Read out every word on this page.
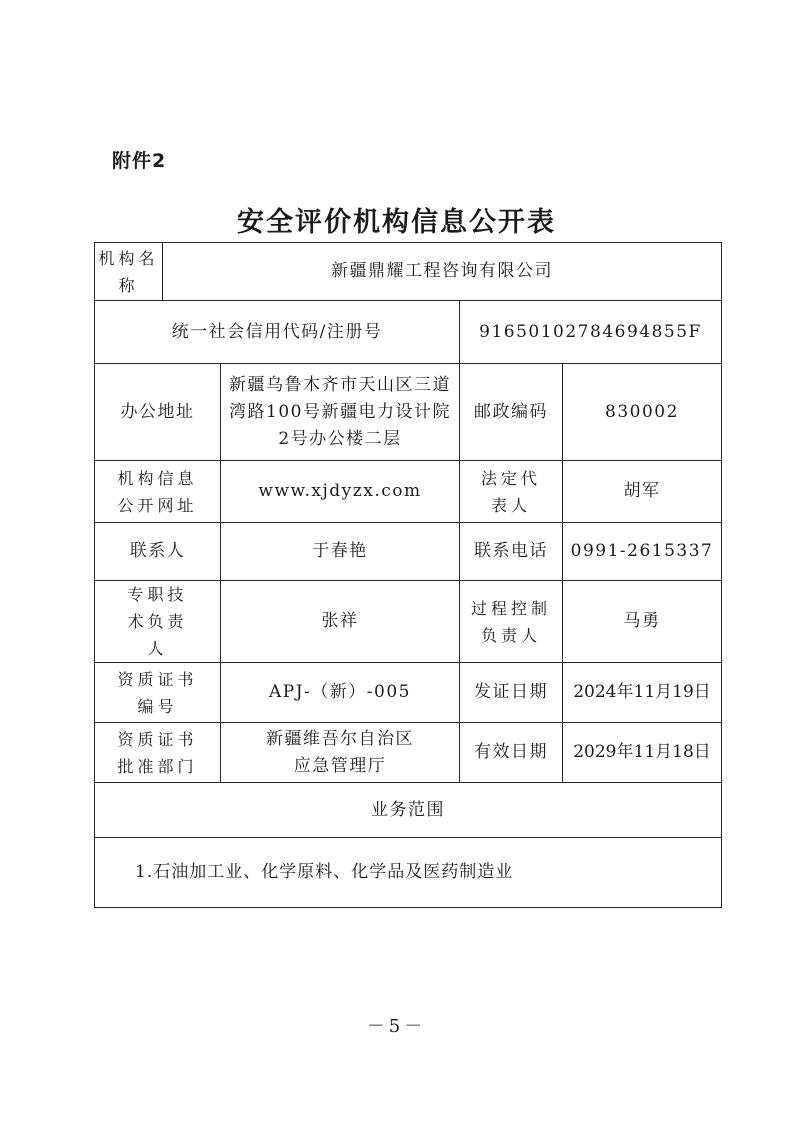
附件2
安全评价机构信息公开表
机构名称	新疆鼎耀工程咨询有限公司			
统一社会信用代码/注册号			91650102784694855F	
办公地址		新疆乌鲁木齐市天山区三道湾路100号新疆电力设计院2号办公楼二层	邮政编码	830002
机构信息公开网址		www.xjdyzx.com	法定代表人	胡军
联系人		于春艳	联系电话	0991-2615337
专职技术负责人		张祥	过程控制负责人	马勇
资质证书编号		APJ-（新）-005	发证日期	2024年11月19日
资质证书批准部门		新疆维吾尔自治区应急管理厅	有效日期	2029年11月18日
业务范围				
1.石油加工业、化学原料、化学品及医药制造业				
－5－
